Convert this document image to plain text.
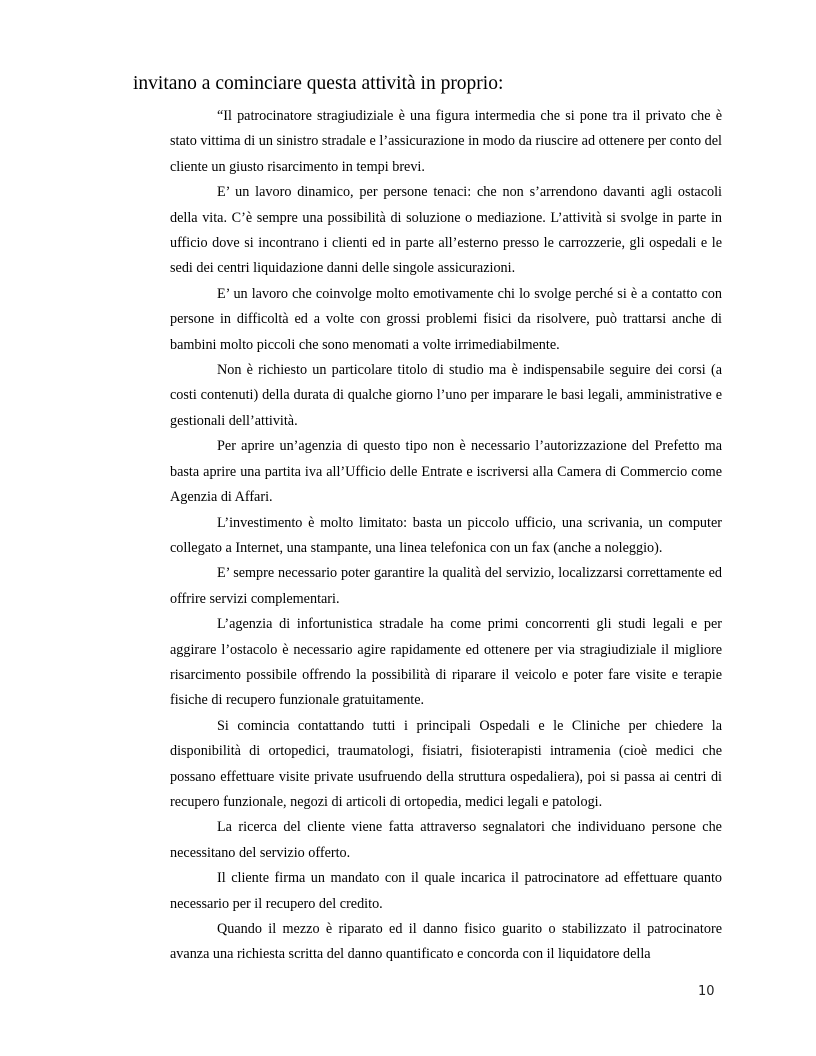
invitano a cominciare questa attività in proprio:

“Il patrocinatore stragiudiziale è una figura intermedia che si pone tra il privato che è stato vittima di un sinistro stradale e l’assicurazione in modo da riuscire ad ottenere per conto del cliente un giusto risarcimento in tempi brevi.

E’ un lavoro dinamico, per persone tenaci: che non s’arrendono davanti agli ostacoli della vita. C’è sempre una possibilità di soluzione o mediazione. L’attività si svolge in parte in ufficio dove si incontrano i clienti ed in parte all’esterno presso le carrozzerie, gli ospedali e le sedi dei centri liquidazione danni delle singole assicurazioni.

E’ un lavoro che coinvolge molto emotivamente chi lo svolge perché si è a contatto con persone in difficoltà ed a volte con grossi problemi fisici da risolvere, può trattarsi anche di bambini molto piccoli che sono menomati a volte irrimediabilmente.

Non è richiesto un particolare titolo di studio ma è indispensabile seguire dei corsi (a costi contenuti) della durata di qualche giorno l’uno per imparare le basi legali, amministrative e gestionali dell’attività.

Per aprire un’agenzia di questo tipo non è necessario l’autorizzazione del Prefetto ma basta aprire una partita iva all’Ufficio delle Entrate e iscriversi alla Camera di Commercio come Agenzia di Affari.

L’investimento è molto limitato: basta un piccolo ufficio, una scrivania, un computer collegato a Internet, una stampante, una linea telefonica con un fax (anche a noleggio).

E’ sempre necessario poter garantire la qualità del servizio, localizzarsi correttamente ed offrire servizi complementari.

L’agenzia di infortunistica stradale ha come primi concorrenti gli studi legali e per aggirare l’ostacolo è necessario agire rapidamente ed ottenere per via stragiudiziale il migliore risarcimento possibile offrendo la possibilità di riparare il veicolo e poter fare visite e terapie fisiche di recupero funzionale gratuitamente.

Si comincia contattando tutti i principali Ospedali e le Cliniche per chiedere la disponibilità di ortopedici, traumatologi, fisiatri, fisioterapisti intramenia (cioè medici che possano effettuare visite private usufruendo della struttura ospedaliera), poi si passa ai centri di recupero funzionale, negozi di articoli di ortopedia, medici legali e patologi.

La ricerca del cliente viene fatta attraverso segnalatori che individuano persone che necessitano del servizio offerto.

Il cliente firma un mandato con il quale incarica il patrocinatore ad effettuare quanto necessario per il recupero del credito.

Quando il mezzo è riparato ed il danno fisico guarito o stabilizzato il patrocinatore avanza una richiesta scritta del danno quantificato e concorda con il liquidatore della

10
